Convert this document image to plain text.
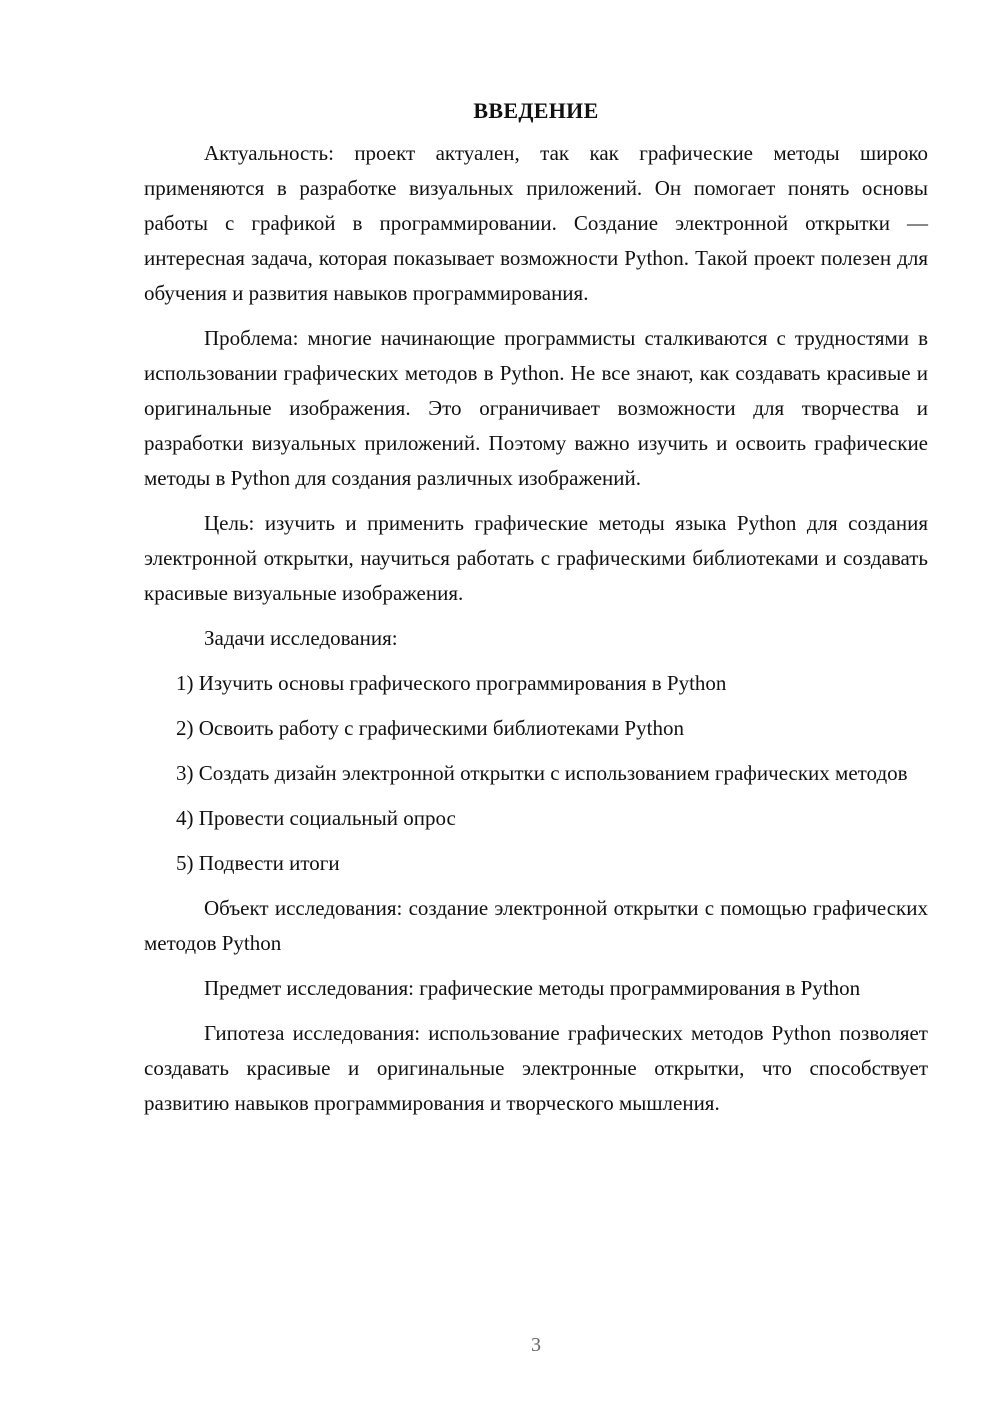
ВВЕДЕНИЕ

Актуальность: проект актуален, так как графические методы широко применяются в разработке визуальных приложений. Он помогает понять основы работы с графикой в программировании. Создание электронной открытки — интересная задача, которая показывает возможности Python. Такой проект полезен для обучения и развития навыков программирования.

Проблема: многие начинающие программисты сталкиваются с трудностями в использовании графических методов в Python. Не все знают, как создавать красивые и оригинальные изображения. Это ограничивает возможности для творчества и разработки визуальных приложений. Поэтому важно изучить и освоить графические методы в Python для создания различных изображений.

Цель: изучить и применить графические методы языка Python для создания электронной открытки, научиться работать с графическими библиотеками и создавать красивые визуальные изображения.

Задачи исследования:

1) Изучить основы графического программирования в Python

2) Освоить работу с графическими библиотеками Python

3) Создать дизайн электронной открытки с использованием графических методов

4) Провести социальный опрос

5) Подвести итоги

Объект исследования: создание электронной открытки с помощью графических методов Python

Предмет исследования: графические методы программирования в Python

Гипотеза исследования: использование графических методов Python позволяет создавать красивые и оригинальные электронные открытки, что способствует развитию навыков программирования и творческого мышления.

3
